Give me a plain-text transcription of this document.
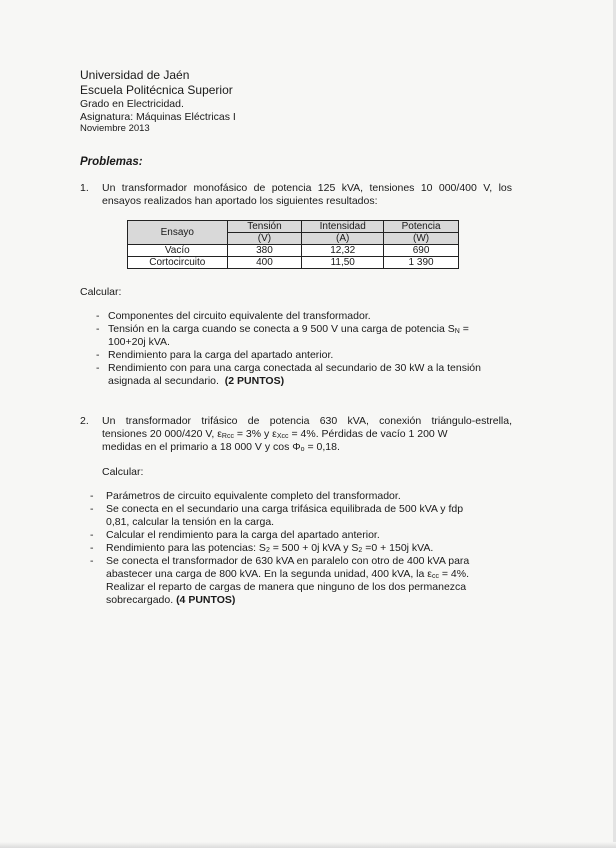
Universidad de Jaén
Escuela Politécnica Superior
Grado en Electricidad.
Asignatura: Máquinas Eléctricas I
Noviembre 2013
Problemas:
1. Un transformador monofásico de potencia 125 kVA, tensiones 10 000/400 V, los
ensayos realizados han aportado los siguientes resultados:
Ensayo	Tensión	Intensidad	Potencia
	(V)	(A)	(W)
Vacío	380	12,32	690
Cortocircuito	400	11,50	1 390
Calcular:
- Componentes del circuito equivalente del transformador.
- Tensión en la carga cuando se conecta a 9 500 V una carga de potencia $S_N$ =
100+20j kVA.
- Rendimiento para la carga del apartado anterior.
- Rendimiento con para una carga conectada al secundario de 30 kW a la tensión
asignada al secundario. (2 PUNTOS)
2. Un transformador trifásico de potencia 630 kVA, conexión triángulo-estrella,
tensiones 20 000/420 V, $\varepsilon_{Rcc} = 3\%$ y $\varepsilon_{Xcc} = 4\%$. Pérdidas de vacío 1 200 W
medidas en el primario a 18 000 V y $\cos \Phi_o = 0,18$.
Calcular:
- Parámetros de circuito equivalente completo del transformador.
- Se conecta en el secundario una carga trifásica equilibrada de 500 kVA y fdp
0,81, calcular la tensión en la carga.
- Calcular el rendimiento para la carga del apartado anterior.
- Rendimiento para las potencias: $S_2 = 500 + 0j$ kVA y $S_2 =0 + 150j$ kVA.
- Se conecta el transformador de 630 kVA en paralelo con otro de 400 kVA para
abastecer una carga de 800 kVA. En la segunda unidad, 400 kVA, la $\varepsilon_{cc} = 4\%$.
Realizar el reparto de cargas de manera que ninguno de los dos permanezca
sobrecargado. (4 PUNTOS)
